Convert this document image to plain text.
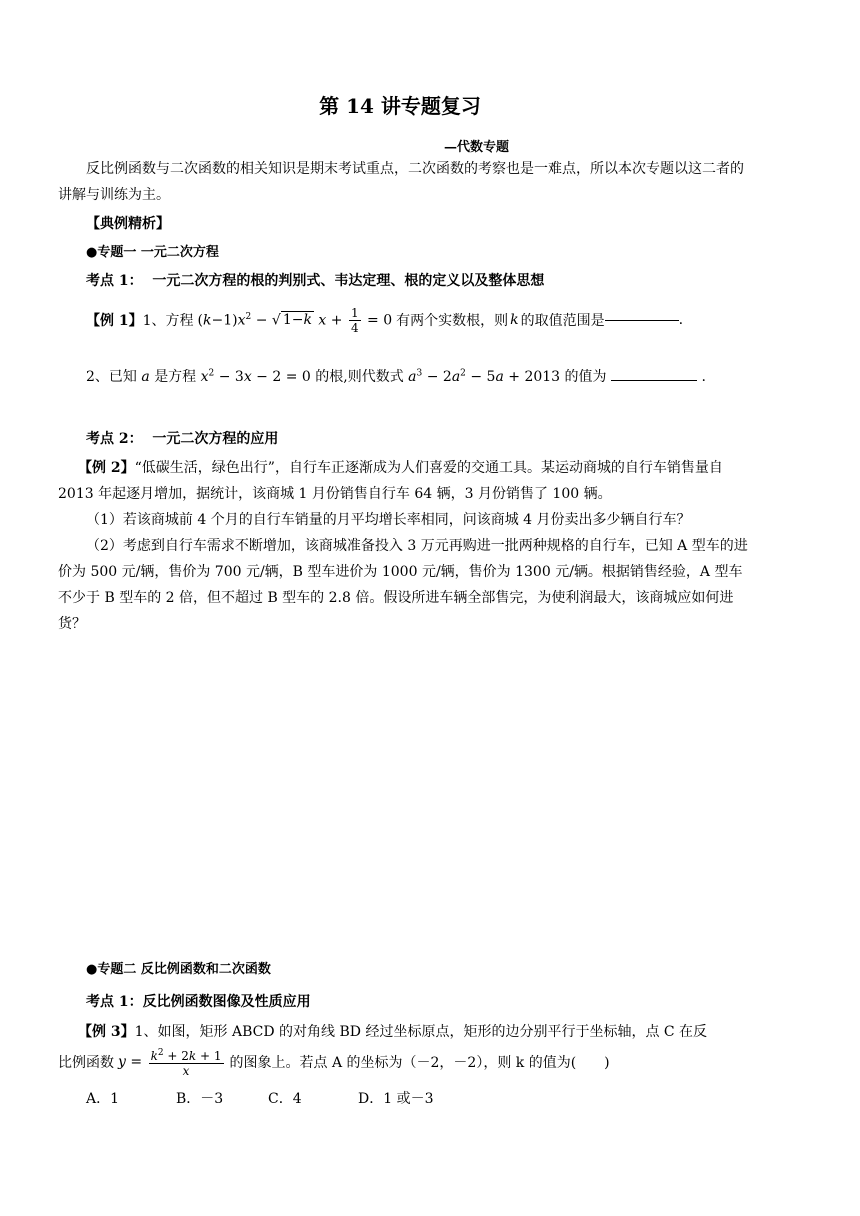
第 14 讲专题复习
—代数专题
反比例函数与二次函数的相关知识是期末考试重点，二次函数的考察也是一难点，所以本次专题以这二者的讲解与训练为主。
【典例精析】
●专题一 一元二次方程
考点 1： 一元二次方程的根的判别式、韦达定理、根的定义以及整体思想
【例 1】 1、方程 $(k-1)x^2$ − √ 1−k $x + \frac{1}{4} = 0$ 有两个实数根，则 k 的取值范围是	.
2、已知 a 是方程 $x^2 - 3x - 2 = 0$ 的根,则代数式 $a^3 - 2a^2 - 5a + 2013$ 的值为	.
考点 2： 一元二次方程的应用
【例 2】“低碳生活，绿色出行”，自行车正逐渐成为人们喜爱的交通工具。某运动商城的自行车销售量自 2013 年起逐月增加，据统计，该商城 1 月份销售自行车 64 辆，3 月份销售了 100 辆。
（1）若该商城前 4 个月的自行车销量的月平均增长率相同，问该商城 4 月份卖出多少辆自行车？
（2）考虑到自行车需求不断增加，该商城准备投入 3 万元再购进一批两种规格的自行车，已知 A 型车的进价为 500 元/辆，售价为 700 元/辆，B 型车进价为 1000 元/辆，售价为 1300 元/辆。根据销售经验，A 型车不少于 B 型车的 2 倍，但不超过 B 型车的 2.8 倍。假设所进车辆全部售完，为使利润最大，该商城应如何进货？
●专题二 反比例函数和二次函数
考点 1：反比例函数图像及性质应用
【例 3】1、如图，矩形 ABCD 的对角线 BD 经过坐标原点，矩形的边分别平行于坐标轴，点 C 在反
比例函数 $y = \frac{k^2 + 2k + 1}{x}$ 的图象上。若点 A 的坐标为（－2，－2），则 k 的值为(　　)
A．1	B．－3	C．4	D．1 或－3
